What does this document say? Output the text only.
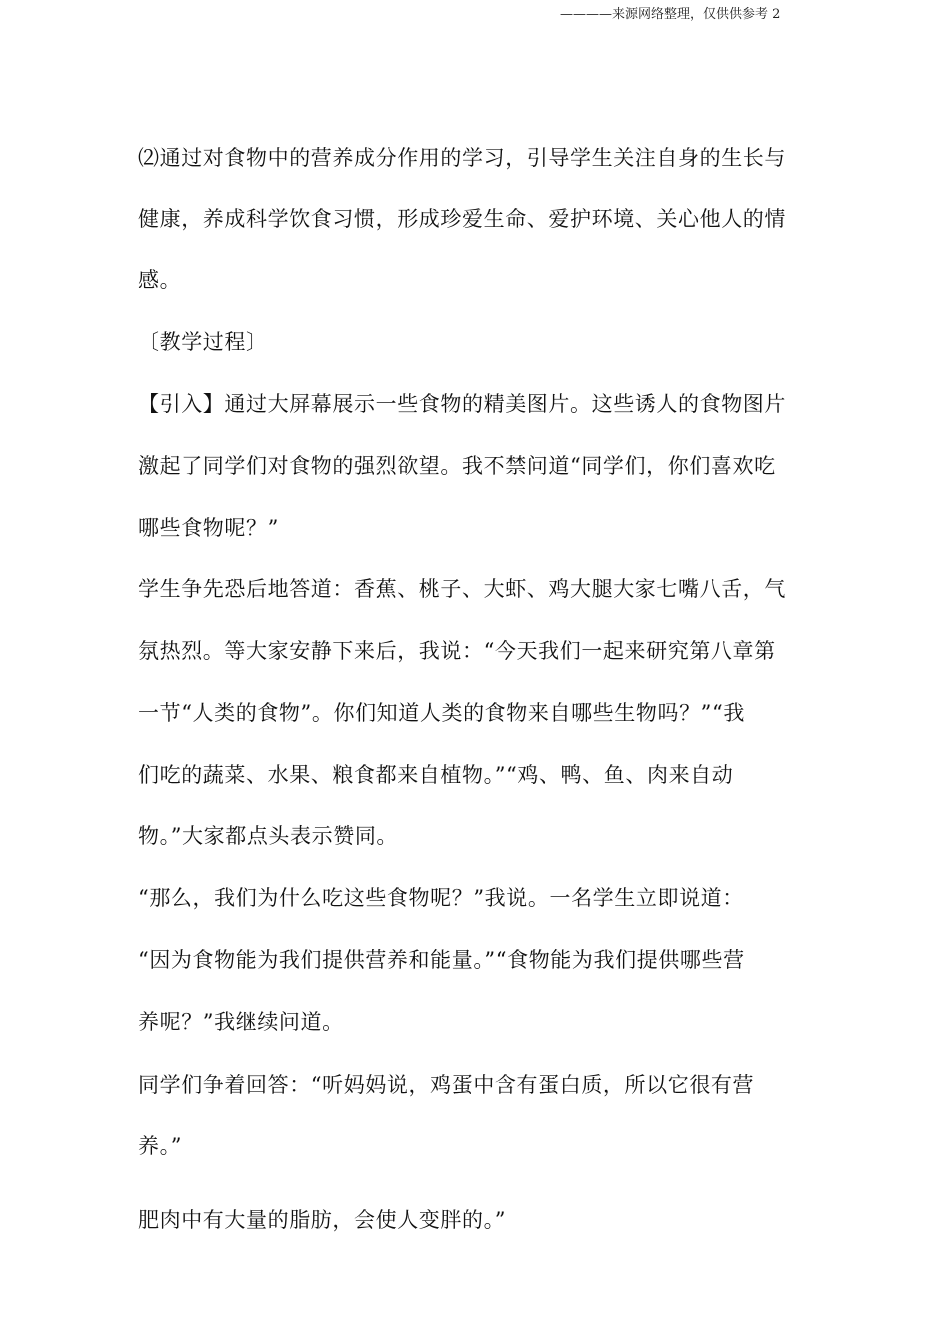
————来源网络整理，仅供供参考 2
⑵通过对食物中的营养成分作用的学习，引导学生关注自身的生长与
健康，养成科学饮食习惯，形成珍爱生命、爱护环境、关心他人的情
感。
〔教学过程〕
【引入】通过大屏幕展示一些食物的精美图片。这些诱人的食物图片
激起了同学们对食物的强烈欲望。我不禁问道“同学们，你们喜欢吃
哪些食物呢？”
学生争先恐后地答道：香蕉、桃子、大虾、鸡大腿大家七嘴八舌，气
氛热烈。等大家安静下来后，我说：“今天我们一起来研究第八章第
一节“人类的食物”。你们知道人类的食物来自哪些生物吗？”“我
们吃的蔬菜、水果、粮食都来自植物。”“鸡、鸭、鱼、肉来自动
物。”大家都点头表示赞同。
“那么，我们为什么吃这些食物呢？”我说。一名学生立即说道：
“因为食物能为我们提供营养和能量。”“食物能为我们提供哪些营
养呢？”我继续问道。
同学们争着回答：“听妈妈说，鸡蛋中含有蛋白质，所以它很有营
养。”
肥肉中有大量的脂肪，会使人变胖的。”
